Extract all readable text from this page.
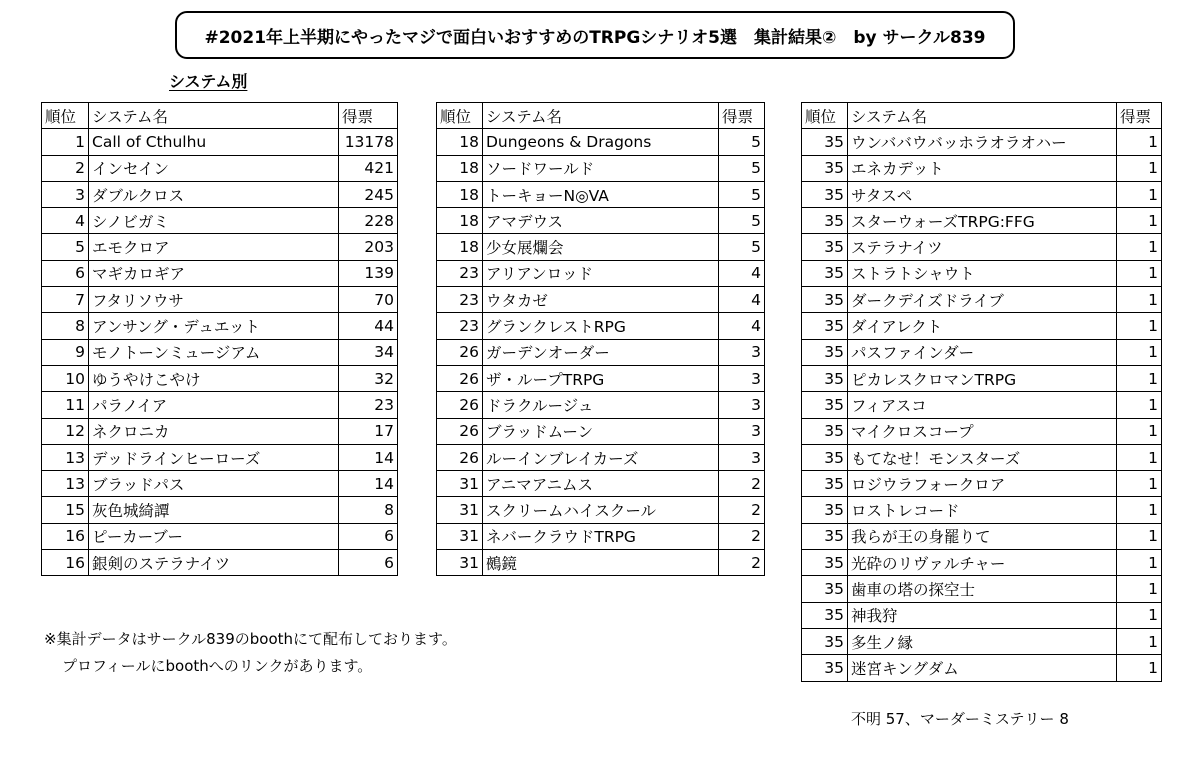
#2021年上半期にやったマジで面白いおすすめのTRPGシナリオ5選　集計結果②　by サークル839
システム別
順位	システム名	得票
1	Call of Cthulhu	13178
2	インセイン	421
3	ダブルクロス	245
4	シノビガミ	228
5	エモクロア	203
6	マギカロギア	139
7	フタリソウサ	70
8	アンサング・デュエット	44
9	モノトーンミュージアム	34
10	ゆうやけこやけ	32
11	パラノイア	23
12	ネクロニカ	17
13	デッドラインヒーローズ	14
13	ブラッドパス	14
15	灰色城綺譚	8
16	ピーカーブー	6
16	銀剣のステラナイツ	6
順位	システム名	得票
18	Dungeons & Dragons	5
18	ソードワールド	5
18	トーキョーN◎VA	5
18	アマデウス	5
18	少女展爛会	5
23	アリアンロッド	4
23	ウタカゼ	4
23	グランクレストRPG	4
26	ガーデンオーダー	3
26	ザ・ループTRPG	3
26	ドラクルージュ	3
26	ブラッドムーン	3
26	ルーインブレイカーズ	3
31	アニマアニムス	2
31	スクリームハイスクール	2
31	ネバークラウドTRPG	2
31	鵺鏡	2
順位	システム名	得票
35	ウンババウバッホラオラオハー	1
35	エネカデット	1
35	サタスペ	1
35	スターウォーズTRPG:FFG	1
35	ステラナイツ	1
35	ストラトシャウト	1
35	ダークデイズドライブ	1
35	ダイアレクト	1
35	パスファインダー	1
35	ピカレスクロマンTRPG	1
35	フィアスコ	1
35	マイクロスコープ	1
35	もてなせ！モンスターズ	1
35	ロジウラフォークロア	1
35	ロストレコード	1
35	我らが王の身罷りて	1
35	光砕のリヴァルチャー	1
35	歯車の塔の探空士	1
35	神我狩	1
35	多生ノ縁	1
35	迷宮キングダム	1
※集計データはサークル839のboothにて配布しております。
プロフィールにboothへのリンクがあります。
不明 57、マーダーミステリー 8
